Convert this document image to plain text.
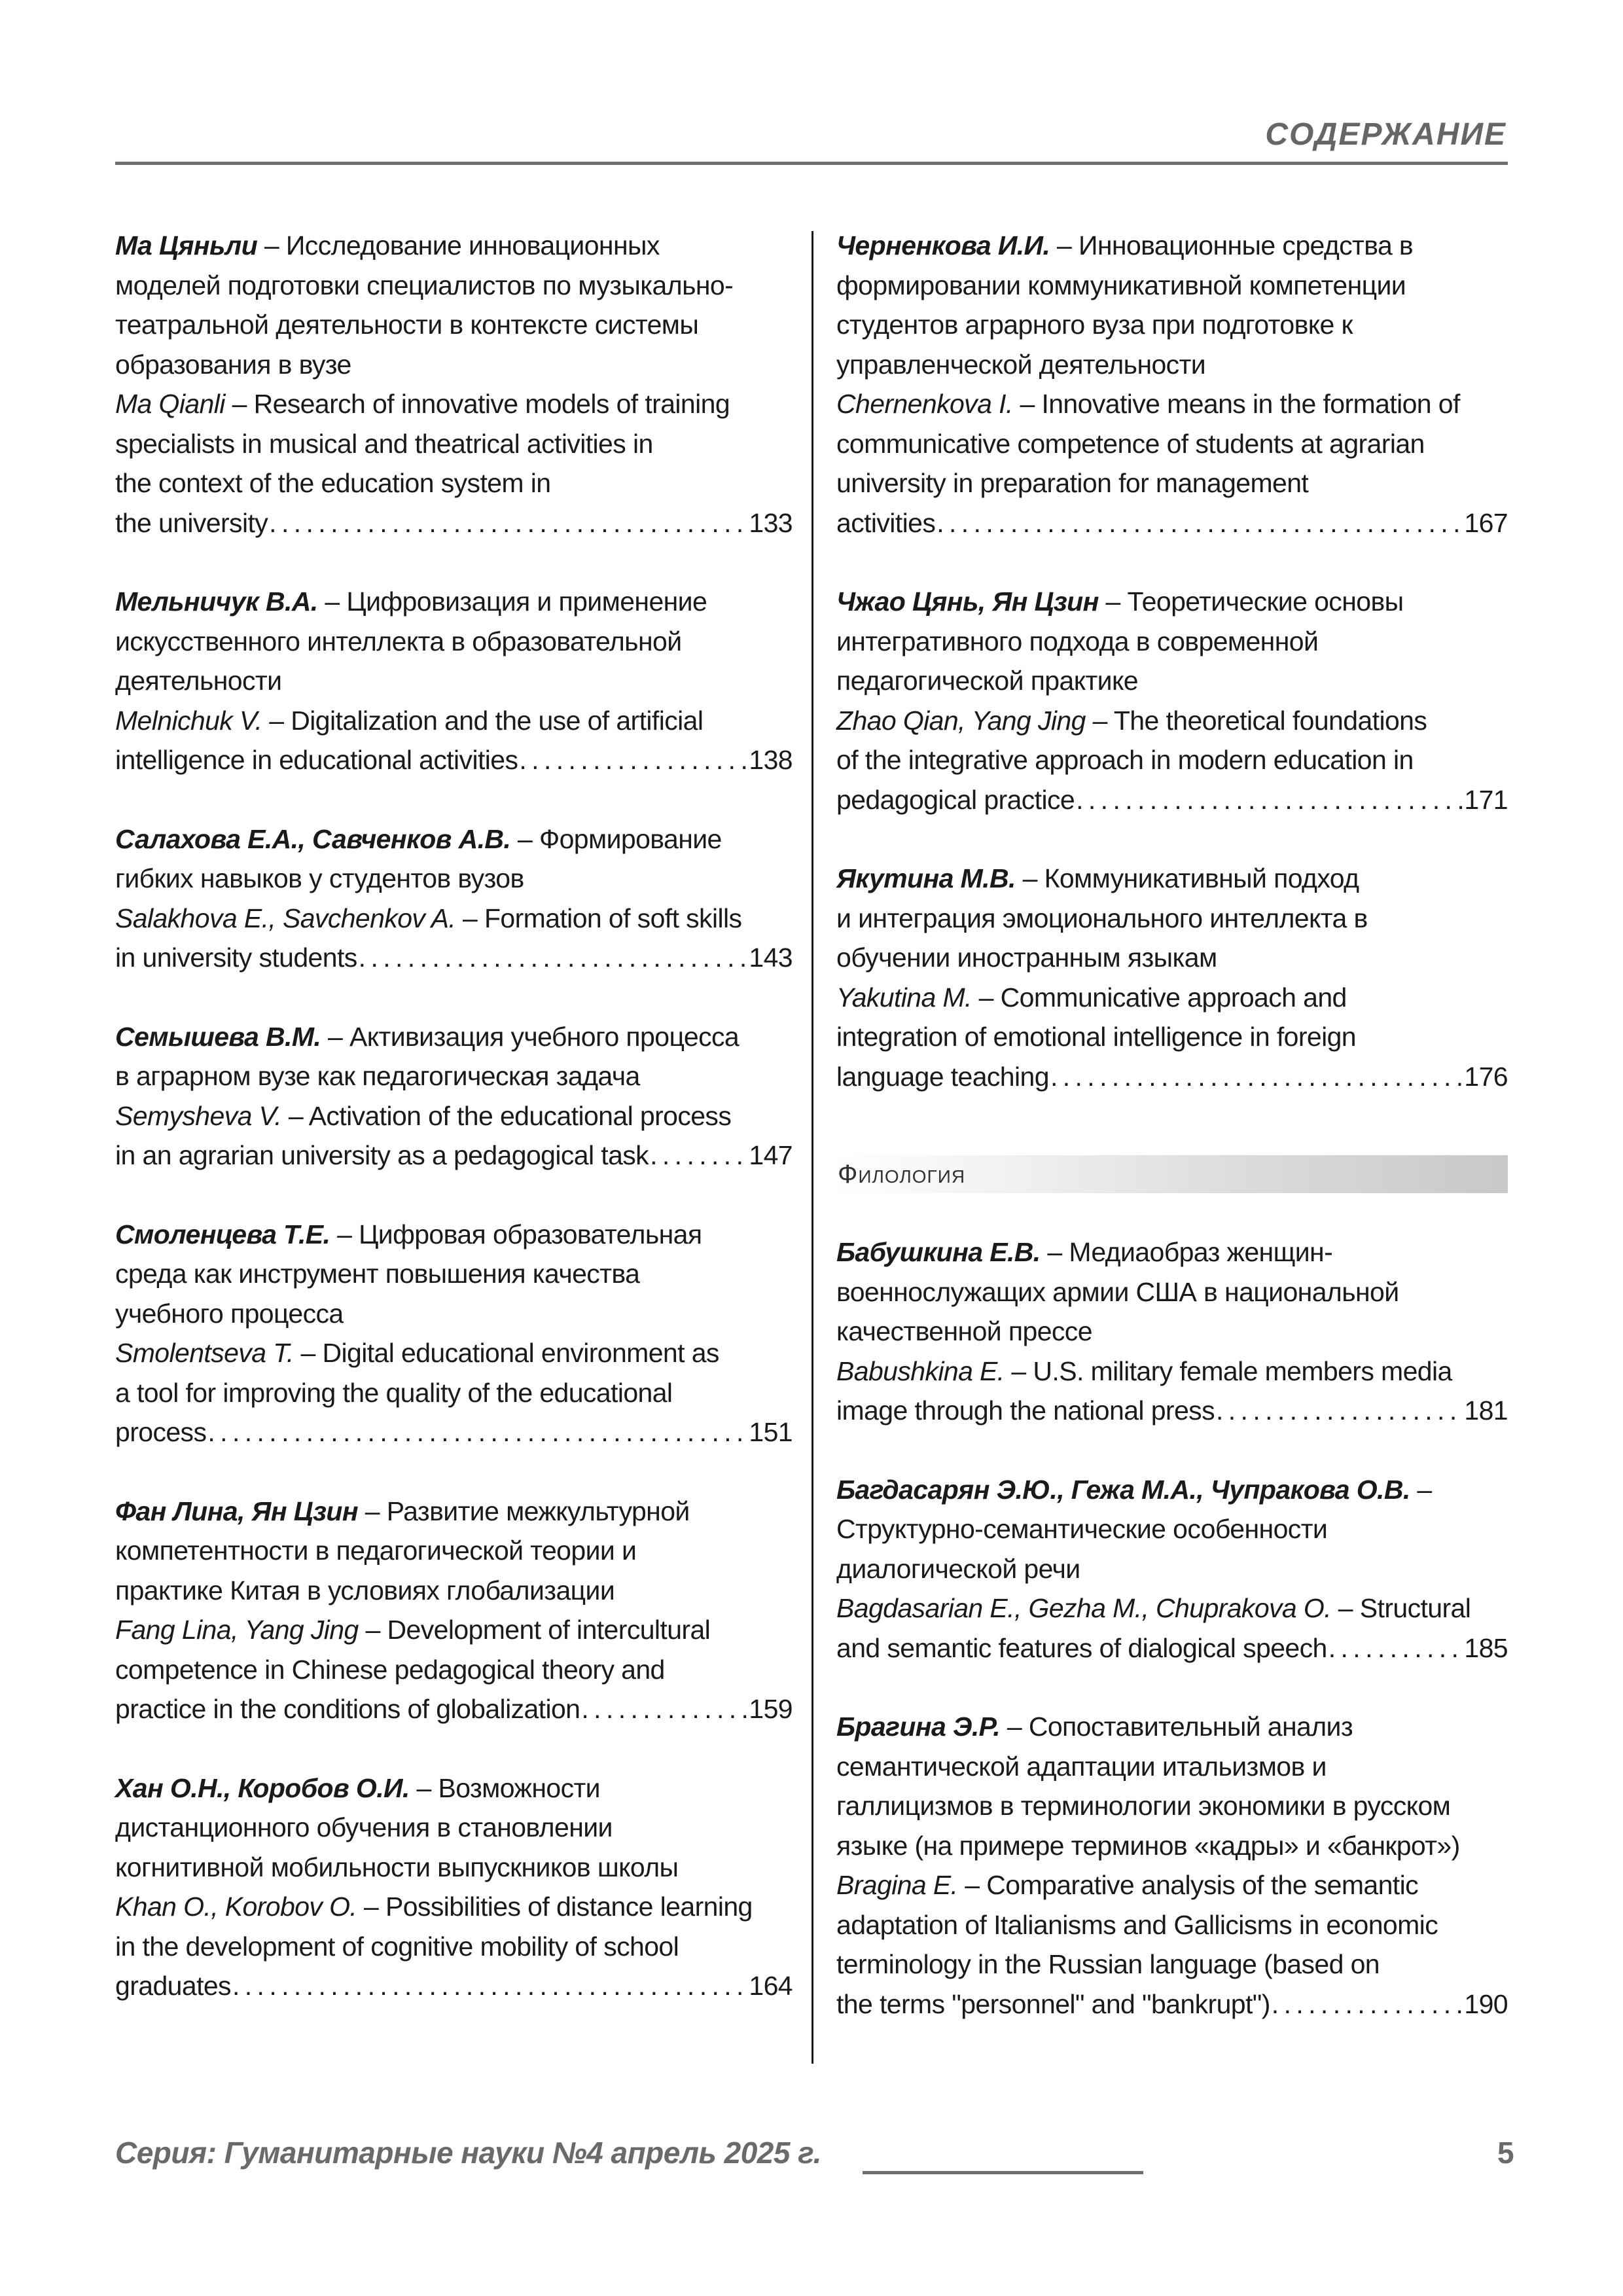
СОДЕРЖАНИЕ
Ма Цяньли – Исследование инновационных
моделей подготовки специалистов по музыкально-
театральной деятельности в контексте системы
образования в вузе
Ma Qianli – Research of innovative models of training
specialists in musical and theatrical activities in
the context of the education system in
the university . . .	133
Мельничук В.А. – Цифровизация и применение
искусственного интеллекта в образовательной
деятельности
Melnichuk V. – Digitalization and the use of artificial
intelligence in educational activities . . .	138
Салахова Е.А., Савченков А.В. – Формирование
гибких навыков у студентов вузов
Salakhova E., Savchenkov A. – Formation of soft skills
in university students . . .	143
Семышева В.М. – Активизация учебного процесса
в аграрном вузе как педагогическая задача
Semysheva V. – Activation of the educational process
in an agrarian university as a pedagogical task . . .	147
Смоленцева Т.Е. – Цифровая образовательная
среда как инструмент повышения качества
учебного процесса
Smolentseva T. – Digital educational environment as
a tool for improving the quality of the educational
process . . .	151
Фан Лина, Ян Цзин – Развитие межкультурной
компетентности в педагогической теории и
практике Китая в условиях глобализации
Fang Lina, Yang Jing – Development of intercultural
competence in Chinese pedagogical theory and
practice in the conditions of globalization . . .	159
Хан О.Н., Коробов О.И. – Возможности
дистанционного обучения в становлении
когнитивной мобильности выпускников школы
Khan O., Korobov O. – Possibilities of distance learning
in the development of cognitive mobility of school
graduates . . .	164
Черненкова И.И. – Инновационные средства в
формировании коммуникативной компетенции
студентов аграрного вуза при подготовке к
управленческой деятельности
Chernenkova I. – Innovative means in the formation of
communicative competence of students at agrarian
university in preparation for management
activities . . .	167
Чжао Цянь, Ян Цзин – Теоретические основы
интегративного подхода в современной
педагогической практике
Zhao Qian, Yang Jing – The theoretical foundations
of the integrative approach in modern education in
pedagogical practice . . .	171
Якутина М.В. – Коммуникативный подход
и интеграция эмоционального интеллекта в
обучении иностранным языкам
Yakutina M. – Communicative approach and
integration of emotional intelligence in foreign
language teaching . . .	176
Филология
Бабушкина Е.В. – Медиаобраз женщин-
военнослужащих армии США в национальной
качественной прессе
Babushkina E. – U.S. military female members media
image through the national press . . .	181
Багдасарян Э.Ю., Гежа М.А., Чупракова О.В. –
Структурно-семантические особенности
диалогической речи
Bagdasarian E., Gezha M., Chuprakova O. – Structural
and semantic features of dialogical speech . . .	185
Брагина Э.Р. – Сопоставительный анализ
семантической адаптации итальизмов и
галлицизмов в терминологии экономики в русском
языке (на примере терминов «кадры» и «банкрот»)
Bragina E. – Comparative analysis of the semantic
adaptation of Italianisms and Gallicisms in economic
terminology in the Russian language (based on
the terms "personnel" and "bankrupt") . . .	190
Серия: Гуманитарные науки №4 апрель 2025 г.	5
